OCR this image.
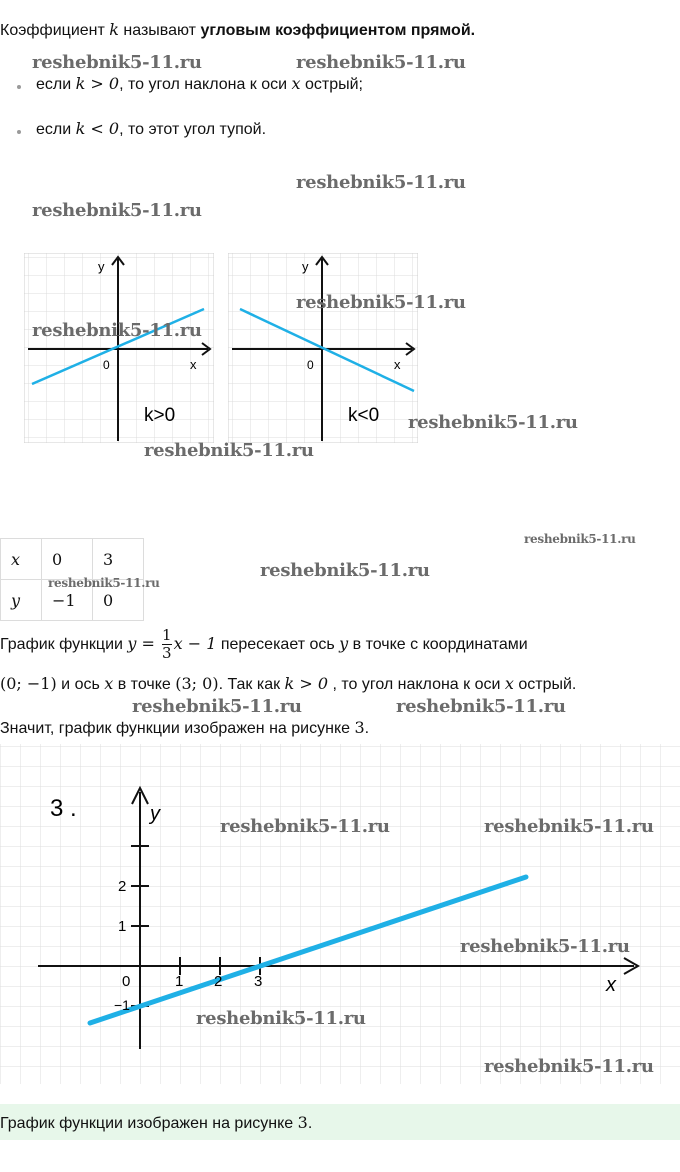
Коэффициент k называют угловым коэффициентом прямой.
если k > 0, то угол наклона к оси x острый;
если k < 0, то этот угол тупой.
y
x
0
k>0
y
x
0
k<0
x	0	3
y	−1	0
График функции $y = \frac{1}{3}$ x − 1 пересекает ось y в точке с координатами
(0; −1) и ось x в точке (3; 0). Так как k > 0 , то угол наклона к оси x острый.
Значит, график функции изображен на рисунке 3.
3 .	y
x
0	1 2 3
2
1
−1
График функции изображен на рисунке 3.
reshebnik5-11.ru	reshebnik5-11.ru
reshebnik5-11.ru
reshebnik5-11.ru
reshebnik5-11.ru
reshebnik5-11.ru
reshebnik5-11.ru
reshebnik5-11.ru
reshebnik5-11.ru
reshebnik5-11.ru
reshebnik5-11.ru
reshebnik5-11.ru	reshebnik5-11.ru
reshebnik5-11.ru	reshebnik5-11.ru
reshebnik5-11.ru
reshebnik5-11.ru
reshebnik5-11.ru
